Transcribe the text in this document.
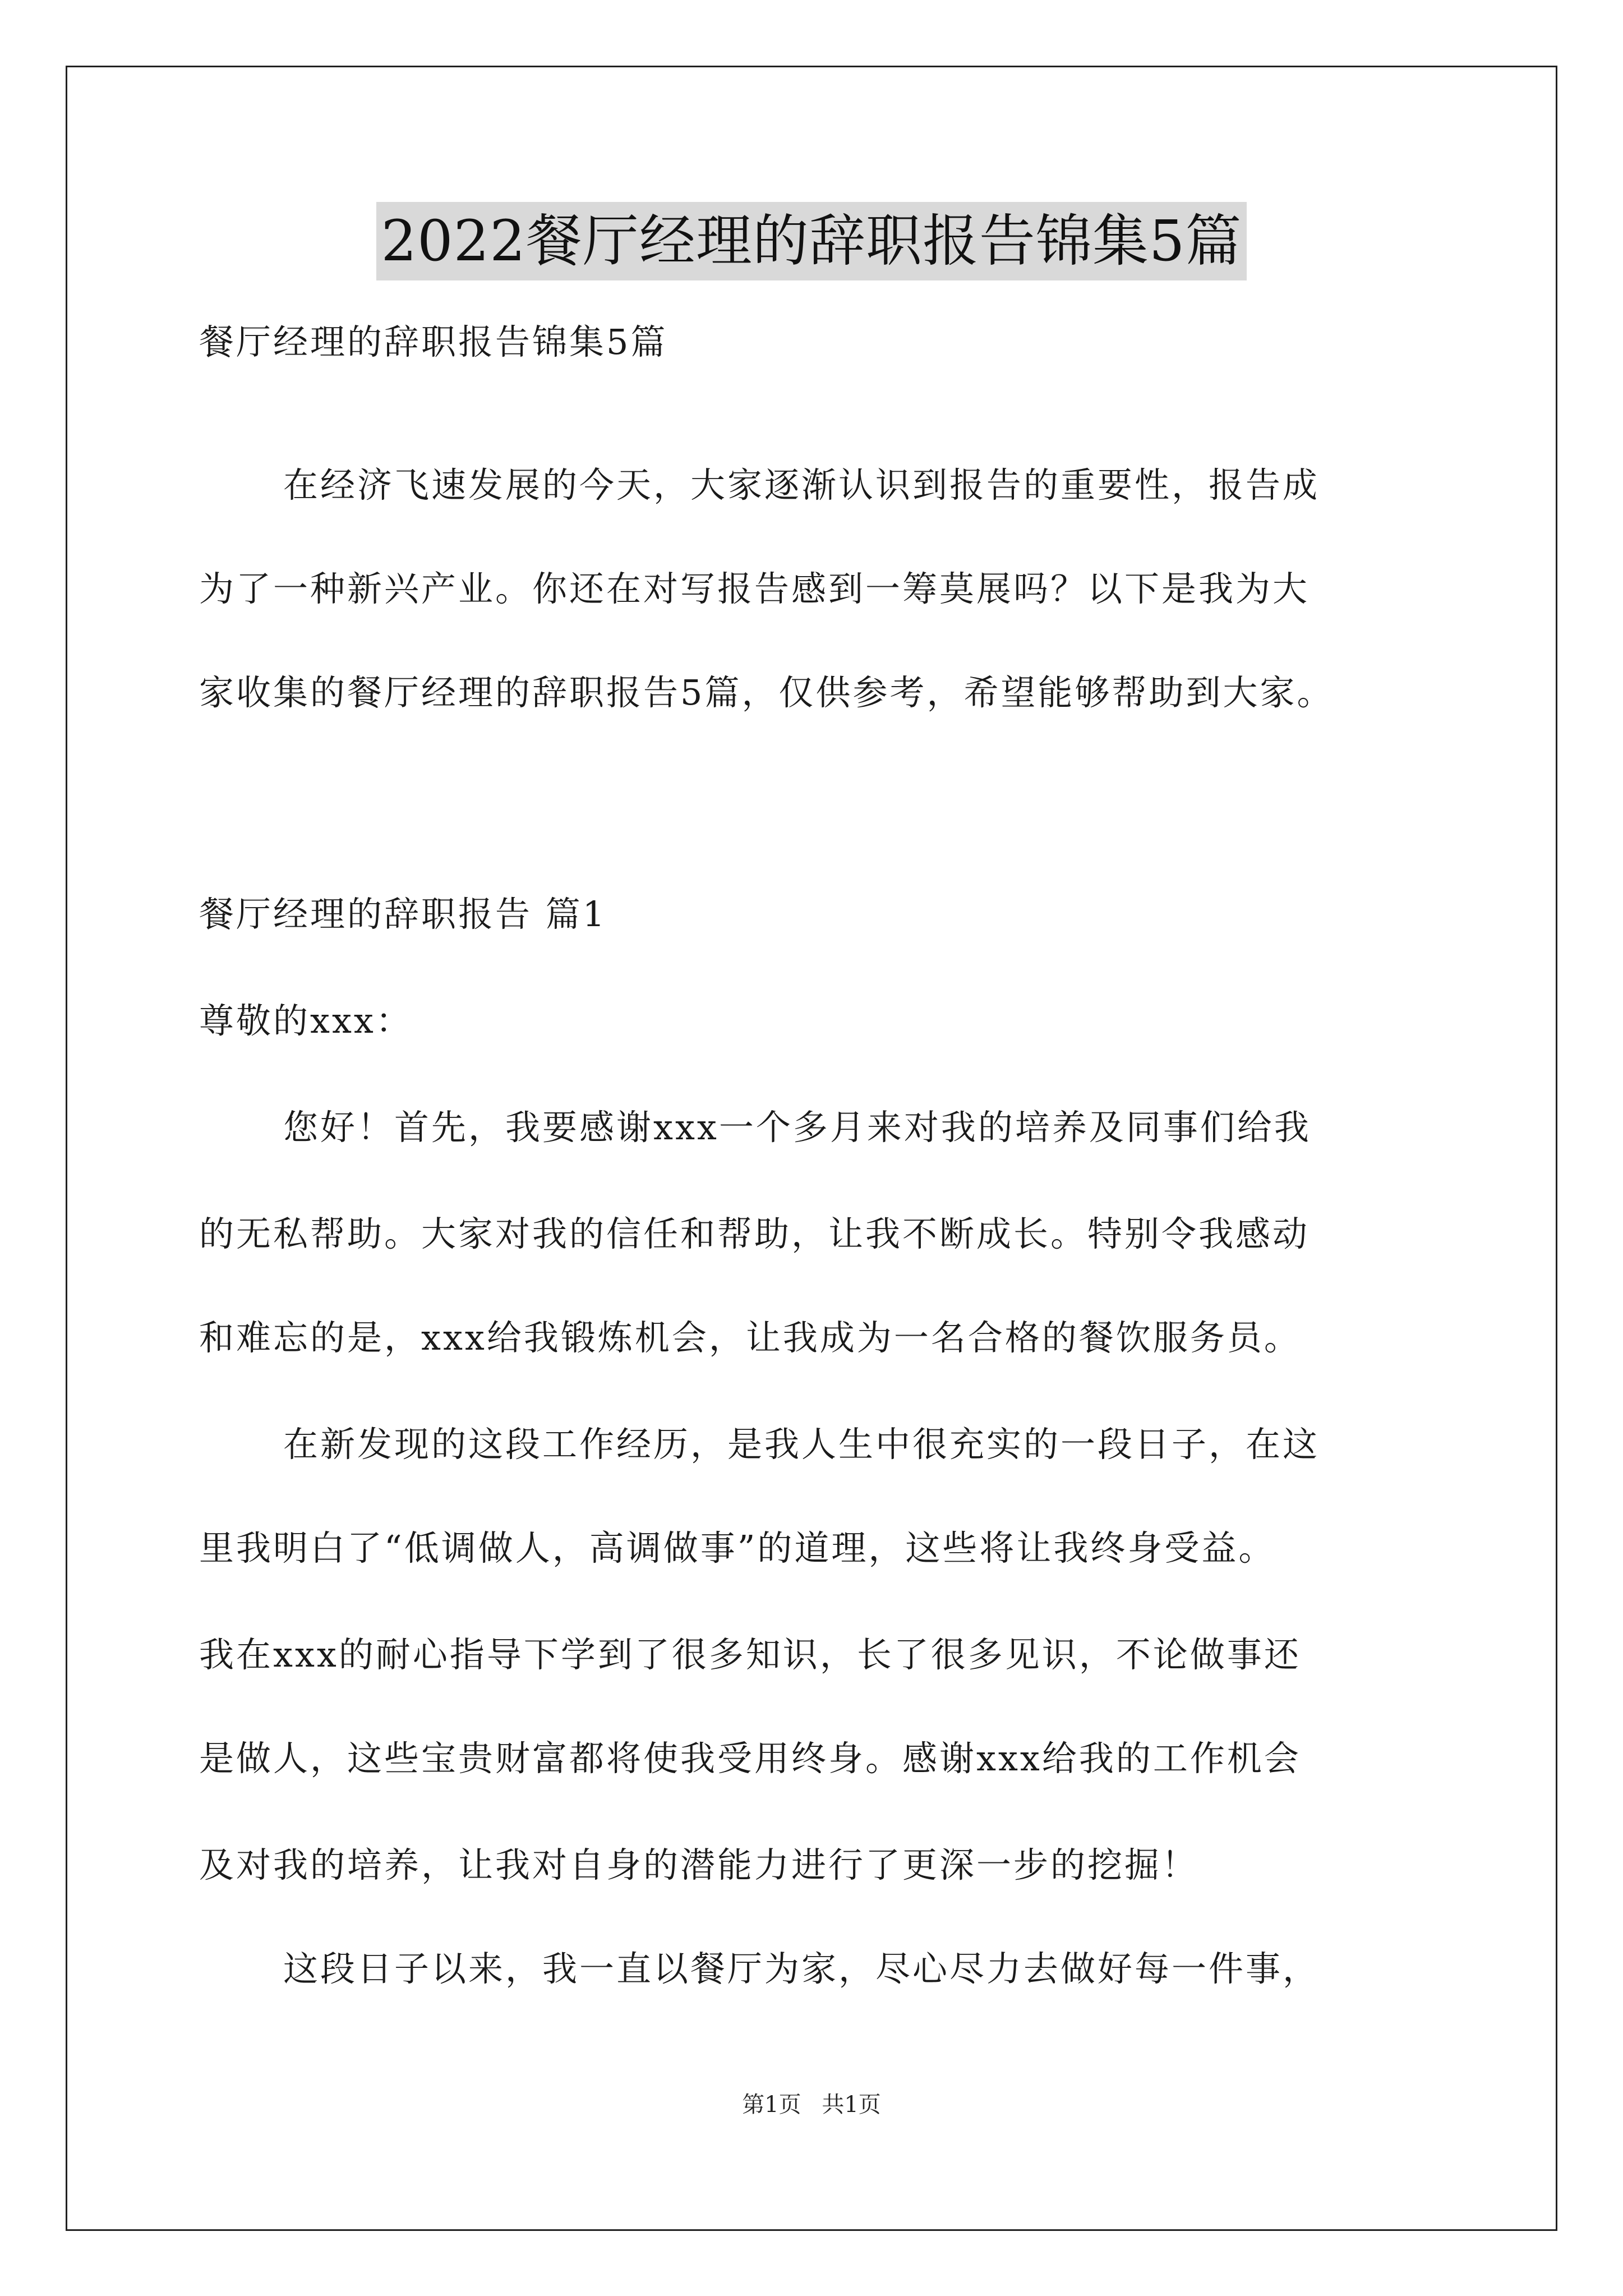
2022餐厅经理的辞职报告锦集5篇
餐厅经理的辞职报告锦集5篇
在经济飞速发展的今天，大家逐渐认识到报告的重要性，报告成
为了一种新兴产业。你还在对写报告感到一筹莫展吗？以下是我为大
家收集的餐厅经理的辞职报告5篇，仅供参考，希望能够帮助到大家。
餐厅经理的辞职报告 篇1
尊敬的xxx：
您好！首先，我要感谢xxx一个多月来对我的培养及同事们给我
的无私帮助。大家对我的信任和帮助，让我不断成长。特别令我感动
和难忘的是，xxx给我锻炼机会，让我成为一名合格的餐饮服务员。
在新发现的这段工作经历，是我人生中很充实的一段日子，在这
里我明白了“低调做人，高调做事”的道理，这些将让我终身受益。
我在xxx的耐心指导下学到了很多知识，长了很多见识，不论做事还
是做人，这些宝贵财富都将使我受用终身。感谢xxx给我的工作机会
及对我的培养，让我对自身的潜能力进行了更深一步的挖掘！
这段日子以来，我一直以餐厅为家，尽心尽力去做好每一件事，
第1页 共1页
